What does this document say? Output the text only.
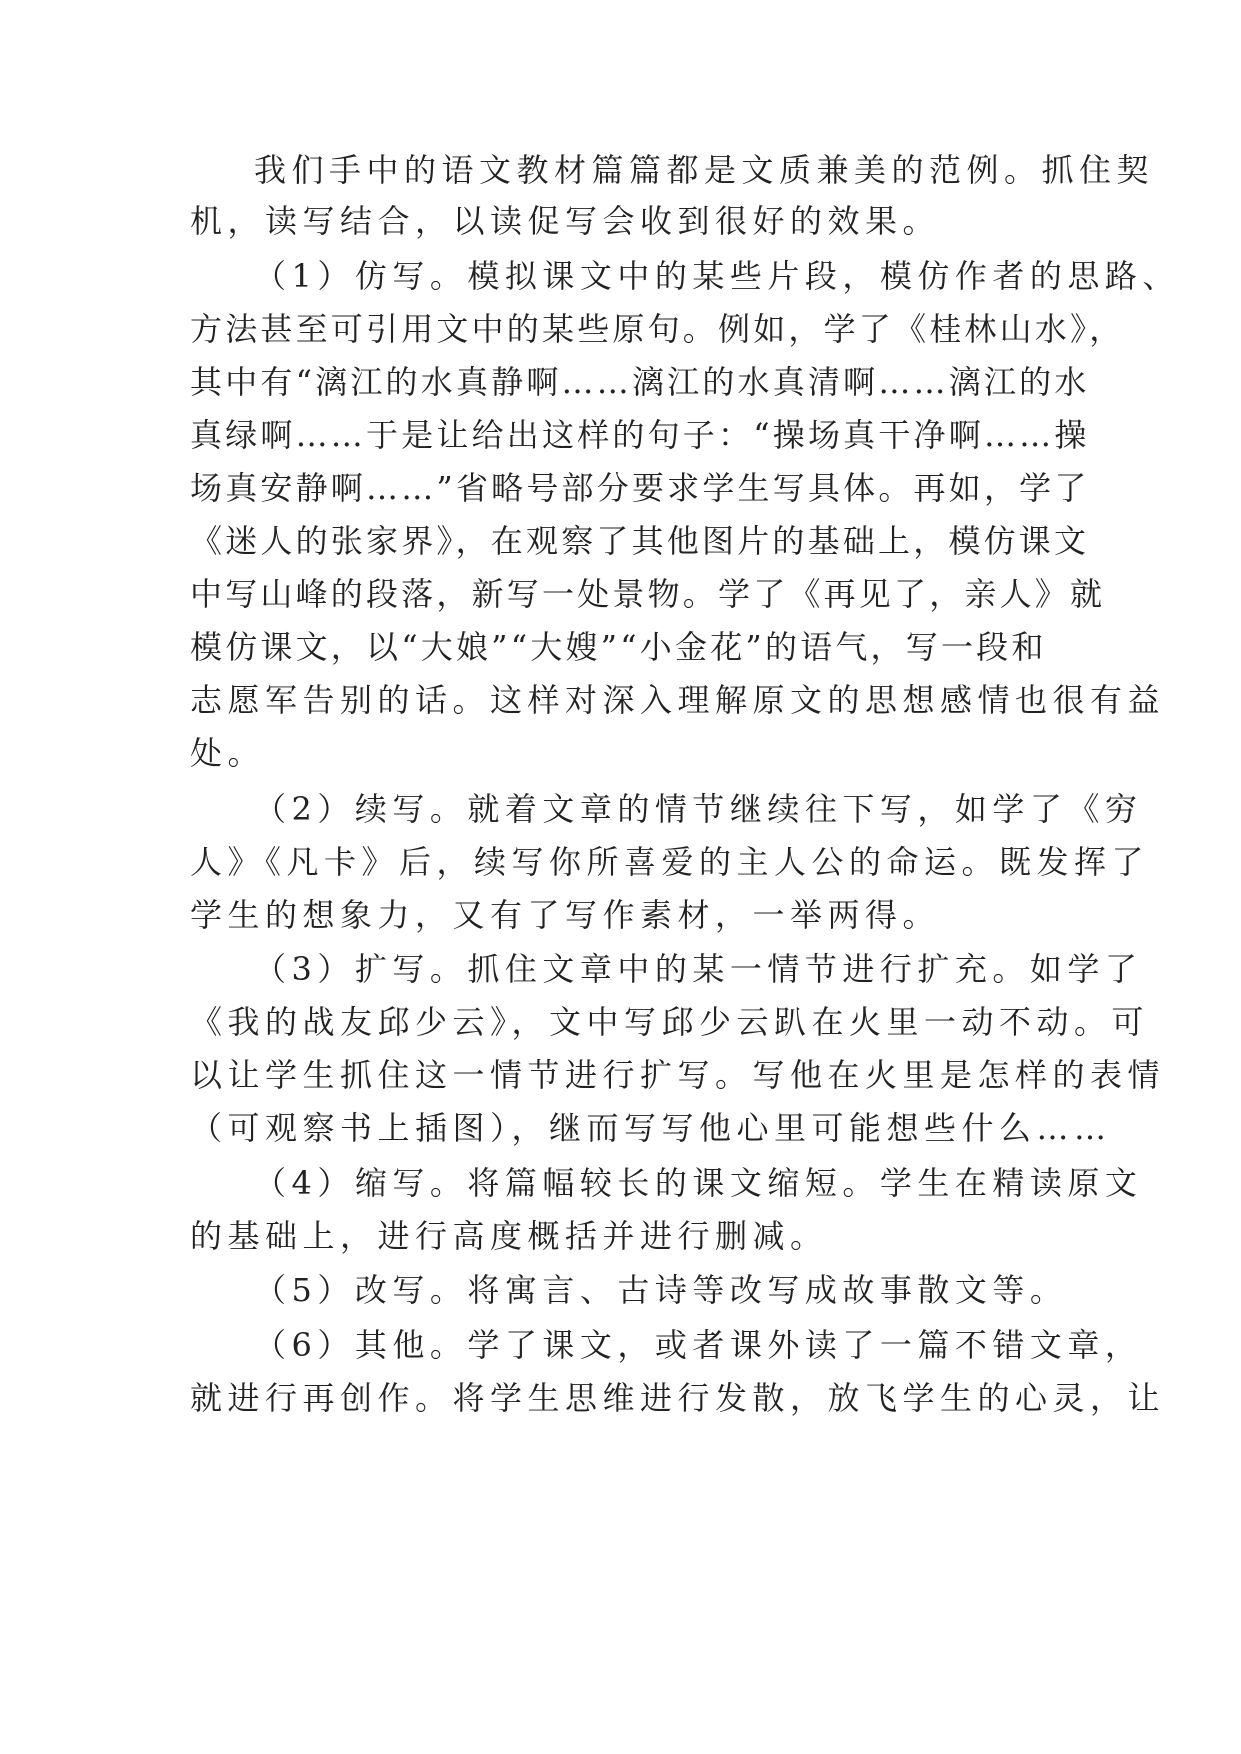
我们手中的语文教材篇篇都是文质兼美的范例。抓住契
机，读写结合，以读促写会收到很好的效果。
（1）仿写。模拟课文中的某些片段，模仿作者的思路、
方法甚至可引用文中的某些原句。例如，学了《桂林山水》，
其中有“漓江的水真静啊……漓江的水真清啊……漓江的水
真绿啊……于是让给出这样的句子：“操场真干净啊……操
场真安静啊……”省略号部分要求学生写具体。再如，学了
《迷人的张家界》，在观察了其他图片的基础上，模仿课文
中写山峰的段落，新写一处景物。学了《再见了，亲人》就
模仿课文，以“大娘”“大嫂”“小金花”的语气，写一段和
志愿军告别的话。这样对深入理解原文的思想感情也很有益
处。
（2）续写。就着文章的情节继续往下写，如学了《穷
人》《凡卡》后，续写你所喜爱的主人公的命运。既发挥了
学生的想象力，又有了写作素材，一举两得。
（3）扩写。抓住文章中的某一情节进行扩充。如学了
《我的战友邱少云》，文中写邱少云趴在火里一动不动。可
以让学生抓住这一情节进行扩写。写他在火里是怎样的表情
（可观察书上插图），继而写写他心里可能想些什么……
（4）缩写。将篇幅较长的课文缩短。学生在精读原文
的基础上，进行高度概括并进行删减。
（5）改写。将寓言、古诗等改写成故事散文等。
（6）其他。学了课文，或者课外读了一篇不错文章，
就进行再创作。将学生思维进行发散，放飞学生的心灵，让
